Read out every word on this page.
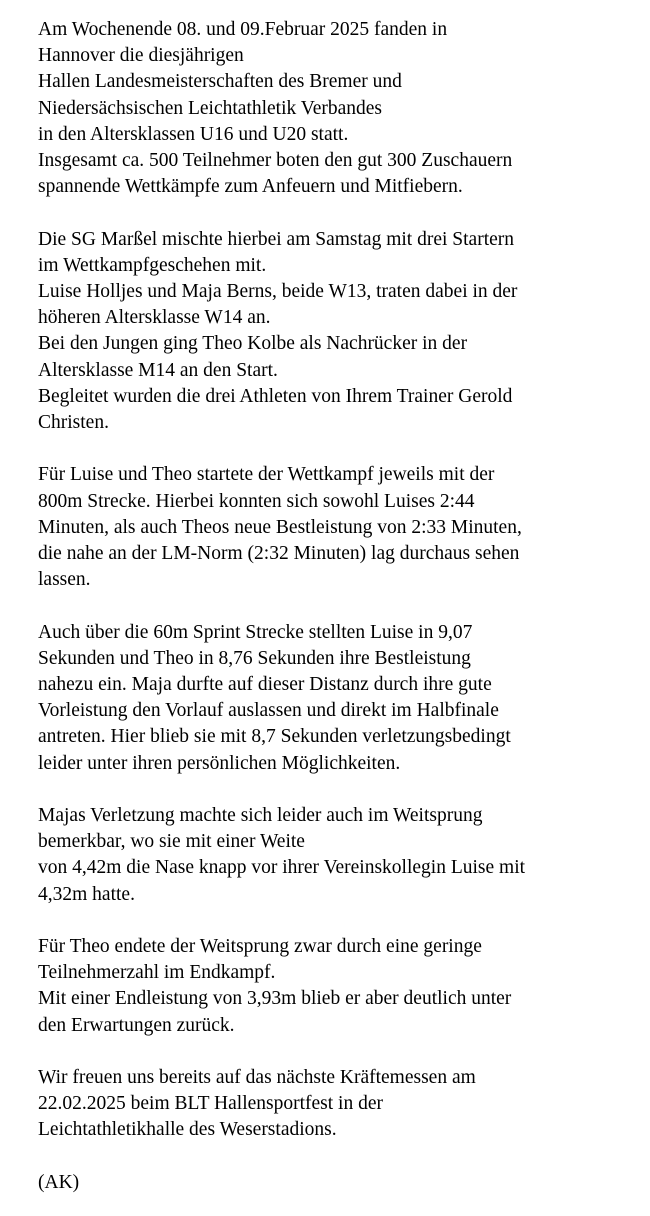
Am Wochenende 08. und 09.Februar 2025 fanden in
Hannover die diesjährigen
Hallen Landesmeisterschaften des Bremer und
Niedersächsischen Leichtathletik Verbandes
in den Altersklassen U16 und U20 statt.
Insgesamt ca. 500 Teilnehmer boten den gut 300 Zuschauern
spannende Wettkämpfe zum Anfeuern und Mitfiebern.

Die SG Marßel mischte hierbei am Samstag mit drei Startern
im Wettkampfgeschehen mit.
Luise Holljes und Maja Berns, beide W13, traten dabei in der
höheren Altersklasse W14 an.
Bei den Jungen ging Theo Kolbe als Nachrücker in der
Altersklasse M14 an den Start.
Begleitet wurden die drei Athleten von Ihrem Trainer Gerold
Christen.

Für Luise und Theo startete der Wettkampf jeweils mit der
800m Strecke. Hierbei konnten sich sowohl Luises 2:44
Minuten, als auch Theos neue Bestleistung von 2:33 Minuten,
die nahe an der LM-Norm (2:32 Minuten) lag durchaus sehen
lassen.

Auch über die 60m Sprint Strecke stellten Luise in 9,07
Sekunden und Theo in 8,76 Sekunden ihre Bestleistung
nahezu ein. Maja durfte auf dieser Distanz durch ihre gute
Vorleistung den Vorlauf auslassen und direkt im Halbfinale
antreten. Hier blieb sie mit 8,7 Sekunden verletzungsbedingt
leider unter ihren persönlichen Möglichkeiten.

Majas Verletzung machte sich leider auch im Weitsprung
bemerkbar, wo sie mit einer Weite
von 4,42m die Nase knapp vor ihrer Vereinskollegin Luise mit
4,32m hatte.

Für Theo endete der Weitsprung zwar durch eine geringe
Teilnehmerzahl im Endkampf.
Mit einer Endleistung von 3,93m blieb er aber deutlich unter
den Erwartungen zurück.

Wir freuen uns bereits auf das nächste Kräftemessen am
22.02.2025 beim BLT Hallensportfest in der
Leichtathletikhalle des Weserstadions.

(AK)
